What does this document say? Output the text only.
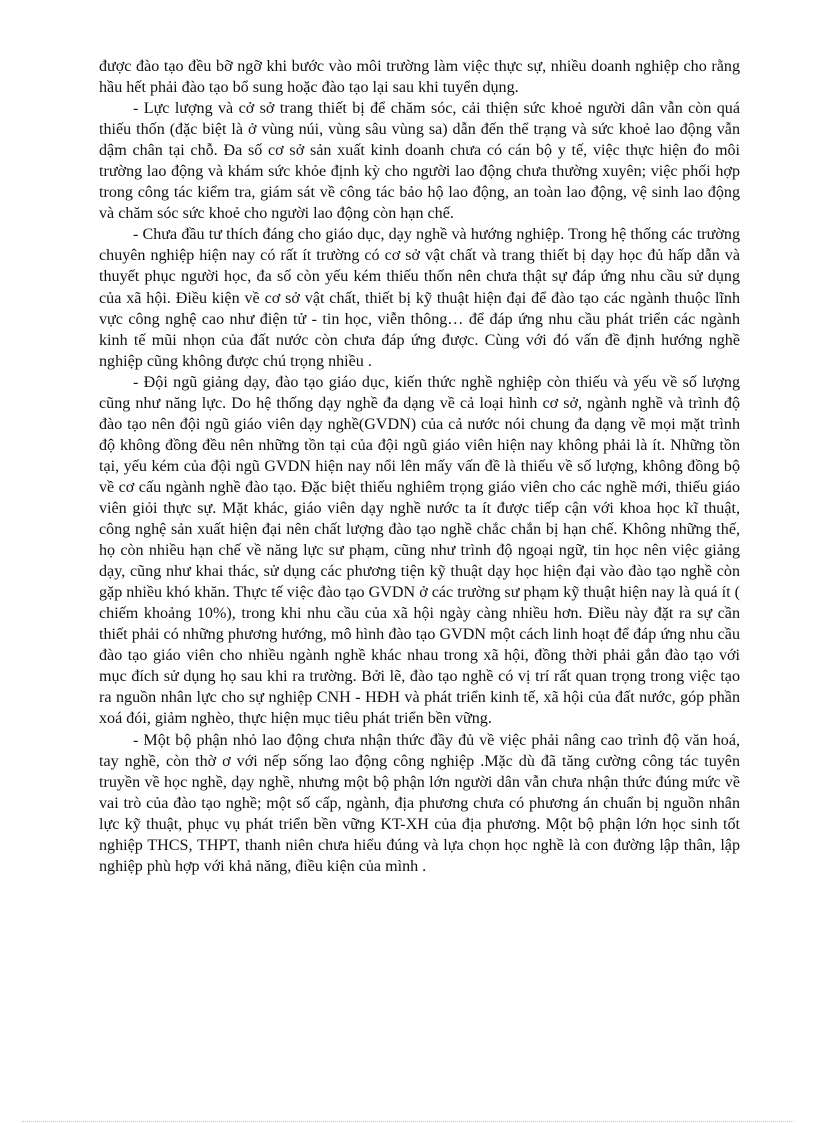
được đào tạo đều bỡ ngỡ khi bước vào môi trường làm việc thực sự, nhiều doanh nghiệp cho rằng hầu hết phải đào tạo bổ sung hoặc đào tạo lại sau khi tuyển dụng.

- Lực lượng và cở sở trang thiết bị để chăm sóc, cải thiện sức khoẻ người dân vẫn còn quá thiếu thốn (đặc biệt là ở vùng núi, vùng sâu vùng sa) dẫn đến thể trạng và sức khoẻ lao động vẫn dậm chân tại chỗ. Đa số cơ sở sản xuất kinh doanh chưa có cán bộ y tế, việc thực hiện đo môi trường lao động và khám sức khỏe định kỳ cho người lao động chưa thường xuyên; việc phối hợp trong công tác kiểm tra, giám sát về công tác bảo hộ lao động, an toàn lao động, vệ sinh lao động và chăm sóc sức khoẻ cho người lao động còn hạn chế.

- Chưa đầu tư thích đáng cho giáo dục, dạy nghề và hướng nghiệp. Trong hệ thống các trường chuyên nghiệp hiện nay có rất ít trường có cơ sở vật chất và trang thiết bị dạy học đủ hấp dẫn và thuyết phục người học, đa số còn yếu kém thiếu thốn nên chưa thật sự đáp ứng nhu cầu sử dụng của xã hội. Điều kiện về cơ sở vật chất, thiết bị kỹ thuật hiện đại để đào tạo các ngành thuộc lĩnh vực công nghệ cao như điện tử - tin học, viễn thông… để đáp ứng nhu cầu phát triển các ngành kinh tế mũi nhọn của đất nước còn chưa đáp ứng được. Cùng với đó vấn đề định hướng nghề nghiệp cũng không được chú trọng nhiều .

- Đội ngũ giảng dạy, đào tạo giáo dục, kiến thức nghề nghiệp còn thiếu và yếu về số lượng cũng như năng lực. Do hệ thống dạy nghề đa dạng về cả loại hình cơ sở, ngành nghề và trình độ đào tạo nên đội ngũ giáo viên dạy nghề(GVDN) của cả nước nói chung đa dạng về mọi mặt trình độ không đồng đều nên những tồn tại của đội ngũ giáo viên hiện nay không phải là ít. Những tồn tại, yếu kém của đội ngũ GVDN hiện nay nổi lên mấy vấn đề là thiếu về số lượng, không đồng bộ về cơ cấu ngành nghề đào tạo. Đặc biệt thiếu nghiêm trọng giáo viên cho các nghề mới, thiếu giáo viên giỏi thực sự. Mặt khác, giáo viên dạy nghề nước ta ít được tiếp cận với khoa học kĩ thuật, công nghệ sản xuất hiện đại nên chất lượng đào tạo nghề chắc chắn bị hạn chế. Không những thế, họ còn nhiều hạn chế về năng lực sư phạm, cũng như trình độ ngoại ngữ, tin học nên việc giảng dạy, cũng như khai thác, sử dụng các phương tiện kỹ thuật dạy học hiện đại vào đào tạo nghề còn gặp nhiều khó khăn. Thực tế việc đào tạo GVDN ở các trường sư phạm kỹ thuật hiện nay là quá ít ( chiếm khoảng 10%), trong khi nhu cầu của xã hội ngày càng nhiều hơn. Điều này đặt ra sự cần thiết phải có những phương hướng, mô hình đào tạo GVDN một cách linh hoạt để đáp ứng nhu cầu đào tạo giáo viên cho nhiều ngành nghề khác nhau trong xã hội, đồng thời phải gắn đào tạo với mục đích sử dụng họ sau khi ra trường. Bởi lẽ, đào tạo nghề có vị trí rất quan trọng trong việc tạo ra nguồn nhân lực cho sự nghiệp CNH - HĐH và phát triển kinh tế, xã hội của đất nước, góp phần xoá đói, giảm nghèo, thực hiện mục tiêu phát triển bền vững.

- Một bộ phận nhỏ lao động chưa nhận thức đầy đủ về việc phải nâng cao trình độ văn hoá, tay nghề, còn thờ ơ với nếp sống lao động công nghiệp .Mặc dù đã tăng cường công tác tuyên truyền về học nghề, dạy nghề, nhưng một bộ phận lớn người dân vẫn chưa nhận thức đúng mức về vai trò của đào tạo nghề; một số cấp, ngành, địa phương chưa có phương án chuẩn bị nguồn nhân lực kỹ thuật, phục vụ phát triển bền vững KT-XH của địa phương. Một bộ phận lớn học sinh tốt nghiệp THCS, THPT, thanh niên chưa hiểu đúng và lựa chọn học nghề là con đường lập thân, lập nghiệp phù hợp với khả năng, điều kiện của mình .
